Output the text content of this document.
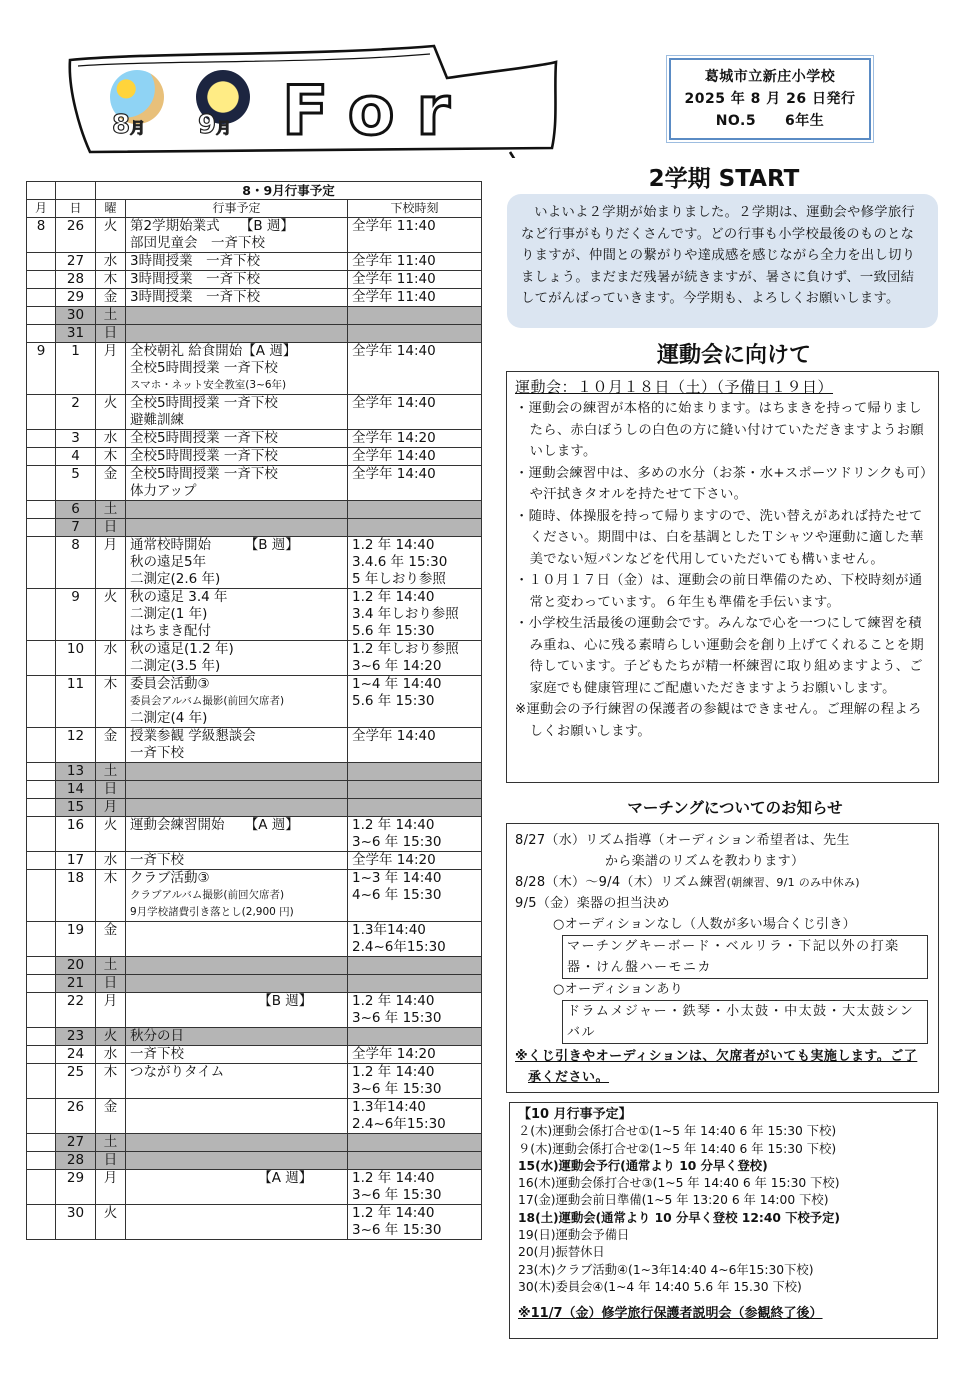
8月 9月 For	葛城市立新庄小学校
2025 年 8 月 26 日発行
NO.5　　6年生
		8・9月行事予定		
月	日	曜	行事予定	下校時刻
8	26	火	第2学期始業式　　【B 週】
部団児童会　一斉下校	全学年 11:40
	27	水	3時間授業　一斉下校	全学年 11:40
	28	木	3時間授業　一斉下校	全学年 11:40
	29	金	3時間授業　一斉下校	全学年 11:40
	30	土	

	31	日	

9	1	月	全校朝礼 給食開始【A 週】
全校5時間授業 一斉下校
スマホ・ネット安全教室(3~6年)	全学年 14:40
	2	火	全校5時間授業 一斉下校
避難訓練	全学年 14:40
	3	水	全校5時間授業 一斉下校	全学年 14:20
	4	木	全校5時間授業 一斉下校	全学年 14:40
	5	金	全校5時間授業 一斉下校
体力アップ	全学年 14:40
	6	土	

	7	日	

	8	月	通常校時開始　　　【B 週】
秋の遠足5年
二測定(2.6 年)	1.2 年 14:40
3.4.6 年 15:30
5 年しおり参照
	9	火	秋の遠足 3.4 年
二測定(1 年)
はちまき配付	1.2 年 14:40
3.4 年しおり参照
5.6 年 15:30
	10	水	秋の遠足(1.2 年)
二測定(3.5 年)	1.2 年しおり参照
3~6 年 14:20
	11	木	委員会活動③
委員会アルバム撮影(前回欠席者)
二測定(4 年)	1~4 年 14:40
5.6 年 15:30
	12	金	授業参観 学級懇談会
一斉下校	全学年 14:40
	13	土	

	14	日	

	15	月	

	16	火	運動会練習開始　　【A 週】	1.2 年 14:40
3~6 年 15:30
	17	水	一斉下校	全学年 14:20
	18	木	クラブ活動③
クラブアルバム撮影(前回欠席者)
9月学校諸費引き落とし(2,900 円)	1~3 年 14:40
4~6 年 15:30
	19	金		1.3年14:40
2.4~6年15:30
	20	土	

	21	日	

	22	月	　　　　　　　　　　【B 週】	1.2 年 14:40
3~6 年 15:30
	23	火	秋分の日	

	24	水	一斉下校	全学年 14:20
	25	木	つながりタイム	1.2 年 14:40
3~6 年 15:30
	26	金		1.3年14:40
2.4~6年15:30
	27	土	

	28	日	

	29	月	　　　　　　　　　　【A 週】	1.2 年 14:40
3~6 年 15:30
	30	火		1.2 年 14:40
3~6 年 15:30
2学期 START
いよいよ２学期が始まりました。２学期は、運動会や修学旅行など行事がもりだくさんです。どの行事も小学校最後のものとなりますが、仲間との繋がりや達成感を感じながら全力を出し切りましょう。まだまだ残暑が続きますが、暑さに負けず、一致団結してがんばっていきます。今学期も、よろしくお願いします。
運動会に向けて
運動会：１０月１８日（土）（予備日１９日）
・運動会の練習が本格的に始まります。はちまきを持って帰りましたら、赤白ぼうしの白色の方に縫い付けていただきますようお願いします。
・運動会練習中は、多めの水分（お茶・水+スポーツドリンクも可）や汗拭きタオルを持たせて下さい。
・随時、体操服を持って帰りますので、洗い替えがあれば持たせてください。期間中は、白を基調としたＴシャツや運動に適した華美でない短パンなどを代用していただいても構いません。
・１０月１７日（金）は、運動会の前日準備のため、下校時刻が通常と変わっています。６年生も準備を手伝います。
・小学校生活最後の運動会です。みんなで心を一つにして練習を積み重ね、心に残る素晴らしい運動会を創り上げてくれることを期待しています。子どもたちが精一杯練習に取り組めますよう、ご家庭でも健康管理にご配慮いただきますようお願いします。
※運動会の予行練習の保護者の参観はできません。ご理解の程よろしくお願いします。
マーチングについてのお知らせ
8/27（水）リズム指導（オーディション希望者は、先生
から楽譜のリズムを教わります）
8/28（木）～9/4（木）リズム練習(朝練習、9/1 のみ中休み)
9/5（金）楽器の担当決め
○オーディションなし（人数が多い場合くじ引き）
マーチングキーボード・ベルリラ・下記以外の打楽器・けん盤ハーモニカ
○オーディションあり
ドラムメジャー・鉄琴・小太鼓・中太鼓・大太鼓シンバル
※くじ引きやオーディションは、欠席者がいても実施します。ご了承ください。
【10 月行事予定】
２(木)運動会係打合せ①(1~5 年 14:40 6 年 15:30 下校)
９(木)運動会係打合せ②(1~5 年 14:40 6 年 15:30 下校)
15(水)運動会予行(通常より 10 分早く登校)
16(木)運動会係打合せ③(1~5 年 14:40 6 年 15:30 下校)
17(金)運動会前日準備(1~5 年 13:20 6 年 14:00 下校)
18(土)運動会(通常より 10 分早く登校 12:40 下校予定)
19(日)運動会予備日
20(月)振替休日
23(木)クラブ活動④(1~3年14:40 4~6年15:30下校)
30(木)委員会④(1~4 年 14:40 5.6 年 15.30 下校)
※11/7（金）修学旅行保護者説明会（参観終了後）
